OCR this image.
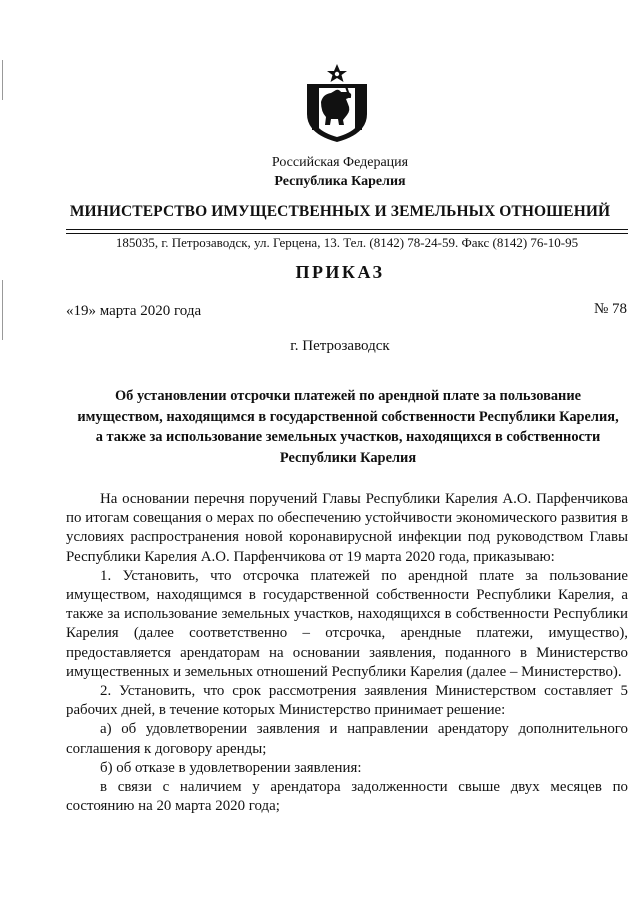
Российская Федерация
Республика Карелия
МИНИСТЕРСТВО ИМУЩЕСТВЕННЫХ И ЗЕМЕЛЬНЫХ ОТНОШЕНИЙ
185035, г. Петрозаводск, ул. Герцена, 13. Тел. (8142) 78-24-59. Факс (8142) 76-10-95
ПРИКАЗ
«19» марта 2020 года	№ 78
г. Петрозаводск
Об установлении отсрочки платежей по арендной плате за пользование имуществом, находящимся в государственной собственности Республики Карелия, а также за использование земельных участков, находящихся в собственности Республики Карелия

На основании перечня поручений Главы Республики Карелия А.О. Парфенчикова по итогам совещания о мерах по обеспечению устойчивости экономического развития в условиях распространения новой коронавирусной инфекции под руководством Главы Республики Карелия А.О. Парфенчикова от 19 марта 2020 года, приказываю:

1. Установить, что отсрочка платежей по арендной плате за пользование имуществом, находящимся в государственной собственности Республики Карелия, а также за использование земельных участков, находящихся в собственности Республики Карелия (далее соответственно – отсрочка, арендные платежи, имущество), предоставляется арендаторам на основании заявления, поданного в Министерство имущественных и земельных отношений Республики Карелия (далее – Министерство).

2. Установить, что срок рассмотрения заявления Министерством составляет 5 рабочих дней, в течение которых Министерство принимает решение:

а) об удовлетворении заявления и направлении арендатору дополнительного соглашения к договору аренды;

б) об отказе в удовлетворении заявления:

в связи с наличием у арендатора задолженности свыше двух месяцев по состоянию на 20 марта 2020 года;
